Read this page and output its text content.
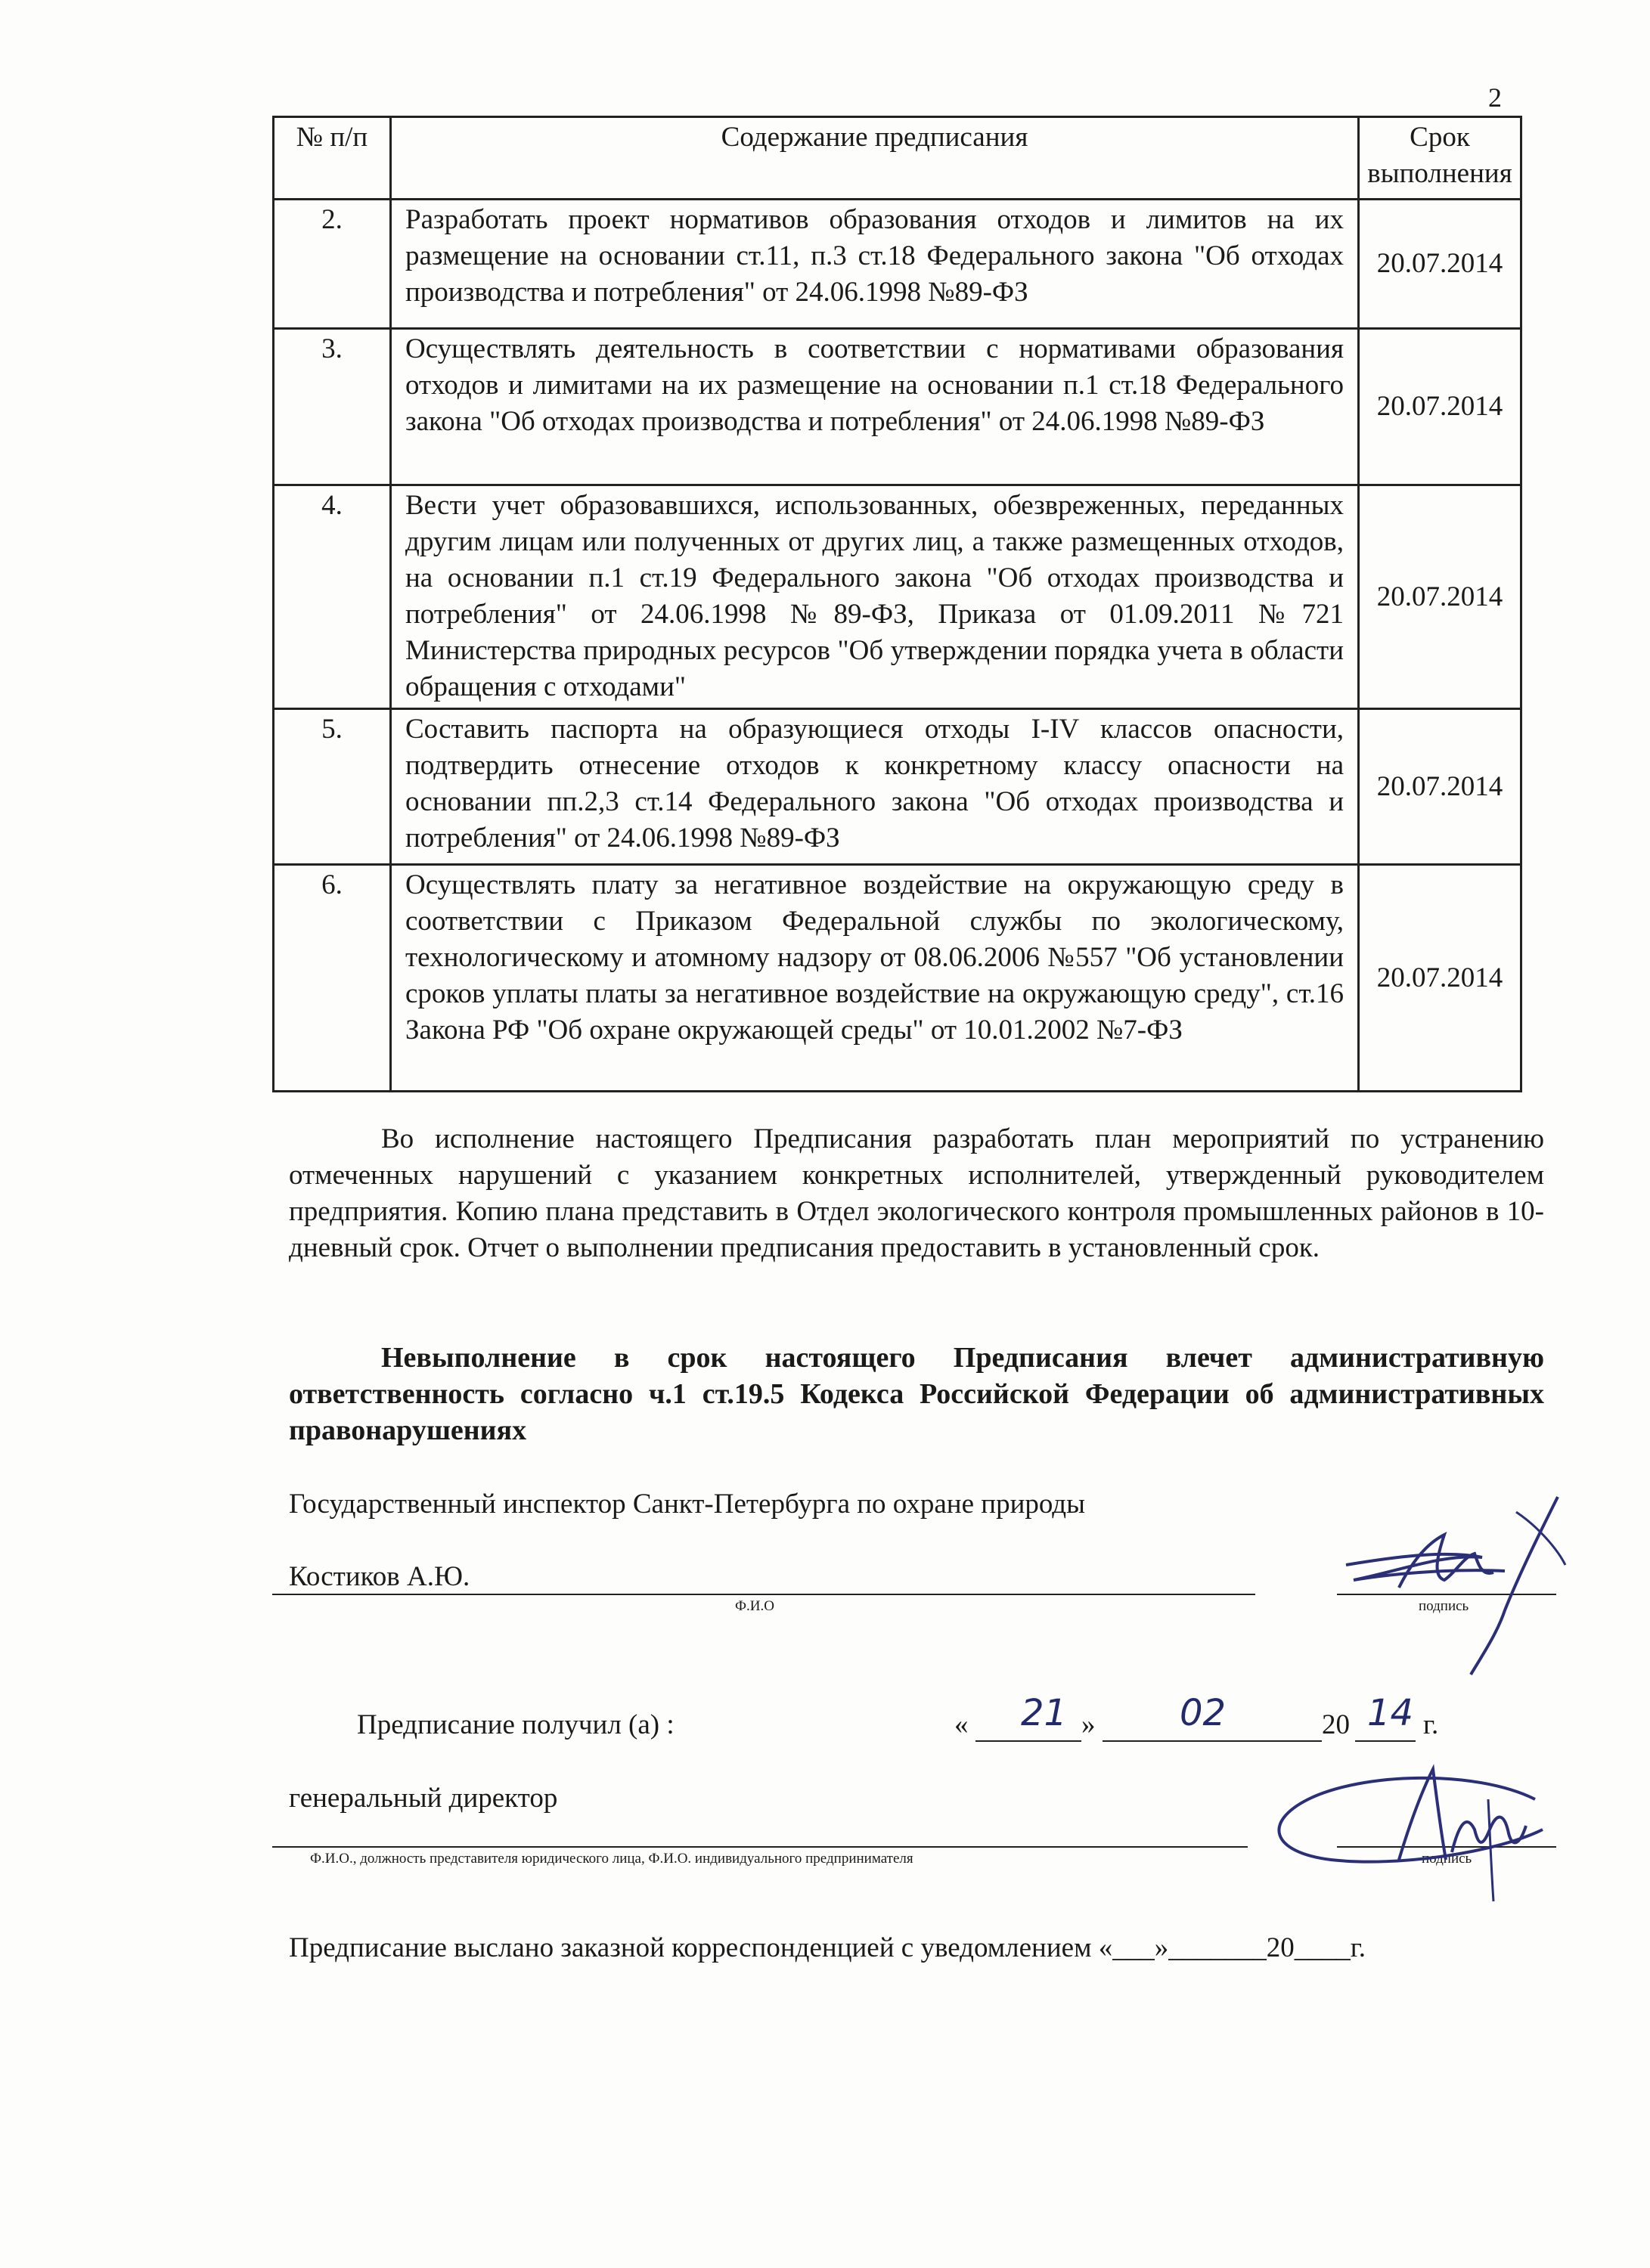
2
№ п/п	Содержание предписания	Срок выполнения
2.	Разработать проект нормативов образования отходов и лимитов на их размещение на основании ст.11, п.3 ст.18 Федерального закона "Об отходах производства и потребления" от 24.06.1998 №89-ФЗ	20.07.2014
3.	Осуществлять деятельность в соответствии с нормативами образования отходов и лимитами на их размещение на основании п.1 ст.18 Федерального закона "Об отходах производства и потребления" от 24.06.1998 №89-ФЗ	20.07.2014
4.	Вести учет образовавшихся, использованных, обезвреженных, переданных другим лицам или полученных от других лиц, а также размещенных отходов, на основании п.1 ст.19 Федерального закона "Об отходах производства и потребления" от 24.06.1998 №89-ФЗ, Приказа от 01.09.2011 №721 Министерства природных ресурсов "Об утверждении порядка учета в области обращения с отходами"	20.07.2014
5.	Составить паспорта на образующиеся отходы I-IV классов опасности, подтвердить отнесение отходов к конкретному классу опасности на основании пп.2,3 ст.14 Федерального закона "Об отходах производства и потребления" от 24.06.1998 №89-ФЗ	20.07.2014
6.	Осуществлять плату за негативное воздействие на окружающую среду в соответствии с Приказом Федеральной службы по экологическому, технологическому и атомному надзору от 08.06.2006 №557 "Об установлении сроков уплаты платы за негативное воздействие на окружающую среду", ст.16 Закона РФ "Об охране окружающей среды" от 10.01.2002 №7-ФЗ	20.07.2014
Во исполнение настоящего Предписания разработать план мероприятий по устранению отмеченных нарушений с указанием конкретных исполнителей, утвержденный руководителем предприятия. Копию плана представить в Отдел экологического контроля промышленных районов в 10-дневный срок. Отчет о выполнении предписания предоставить в установленный срок.
Невыполнение в срок настоящего Предписания влечет административную ответственность согласно ч.1 ст.19.5 Кодекса Российской Федерации об административных правонарушениях
Государственный инспектор Санкт-Петербурга по охране природы
Костиков А.Ю.
Ф.И.О	подпись
Предписание получил (а) :	« 21 » 02	20 14 г.
генеральный директор
Ф.И.О., должность представителя юридического лица, Ф.И.О. индивидуального предпринимателя	подпись
Предписание выслано заказной корреспонденцией с уведомлением «___»_______20____г.
